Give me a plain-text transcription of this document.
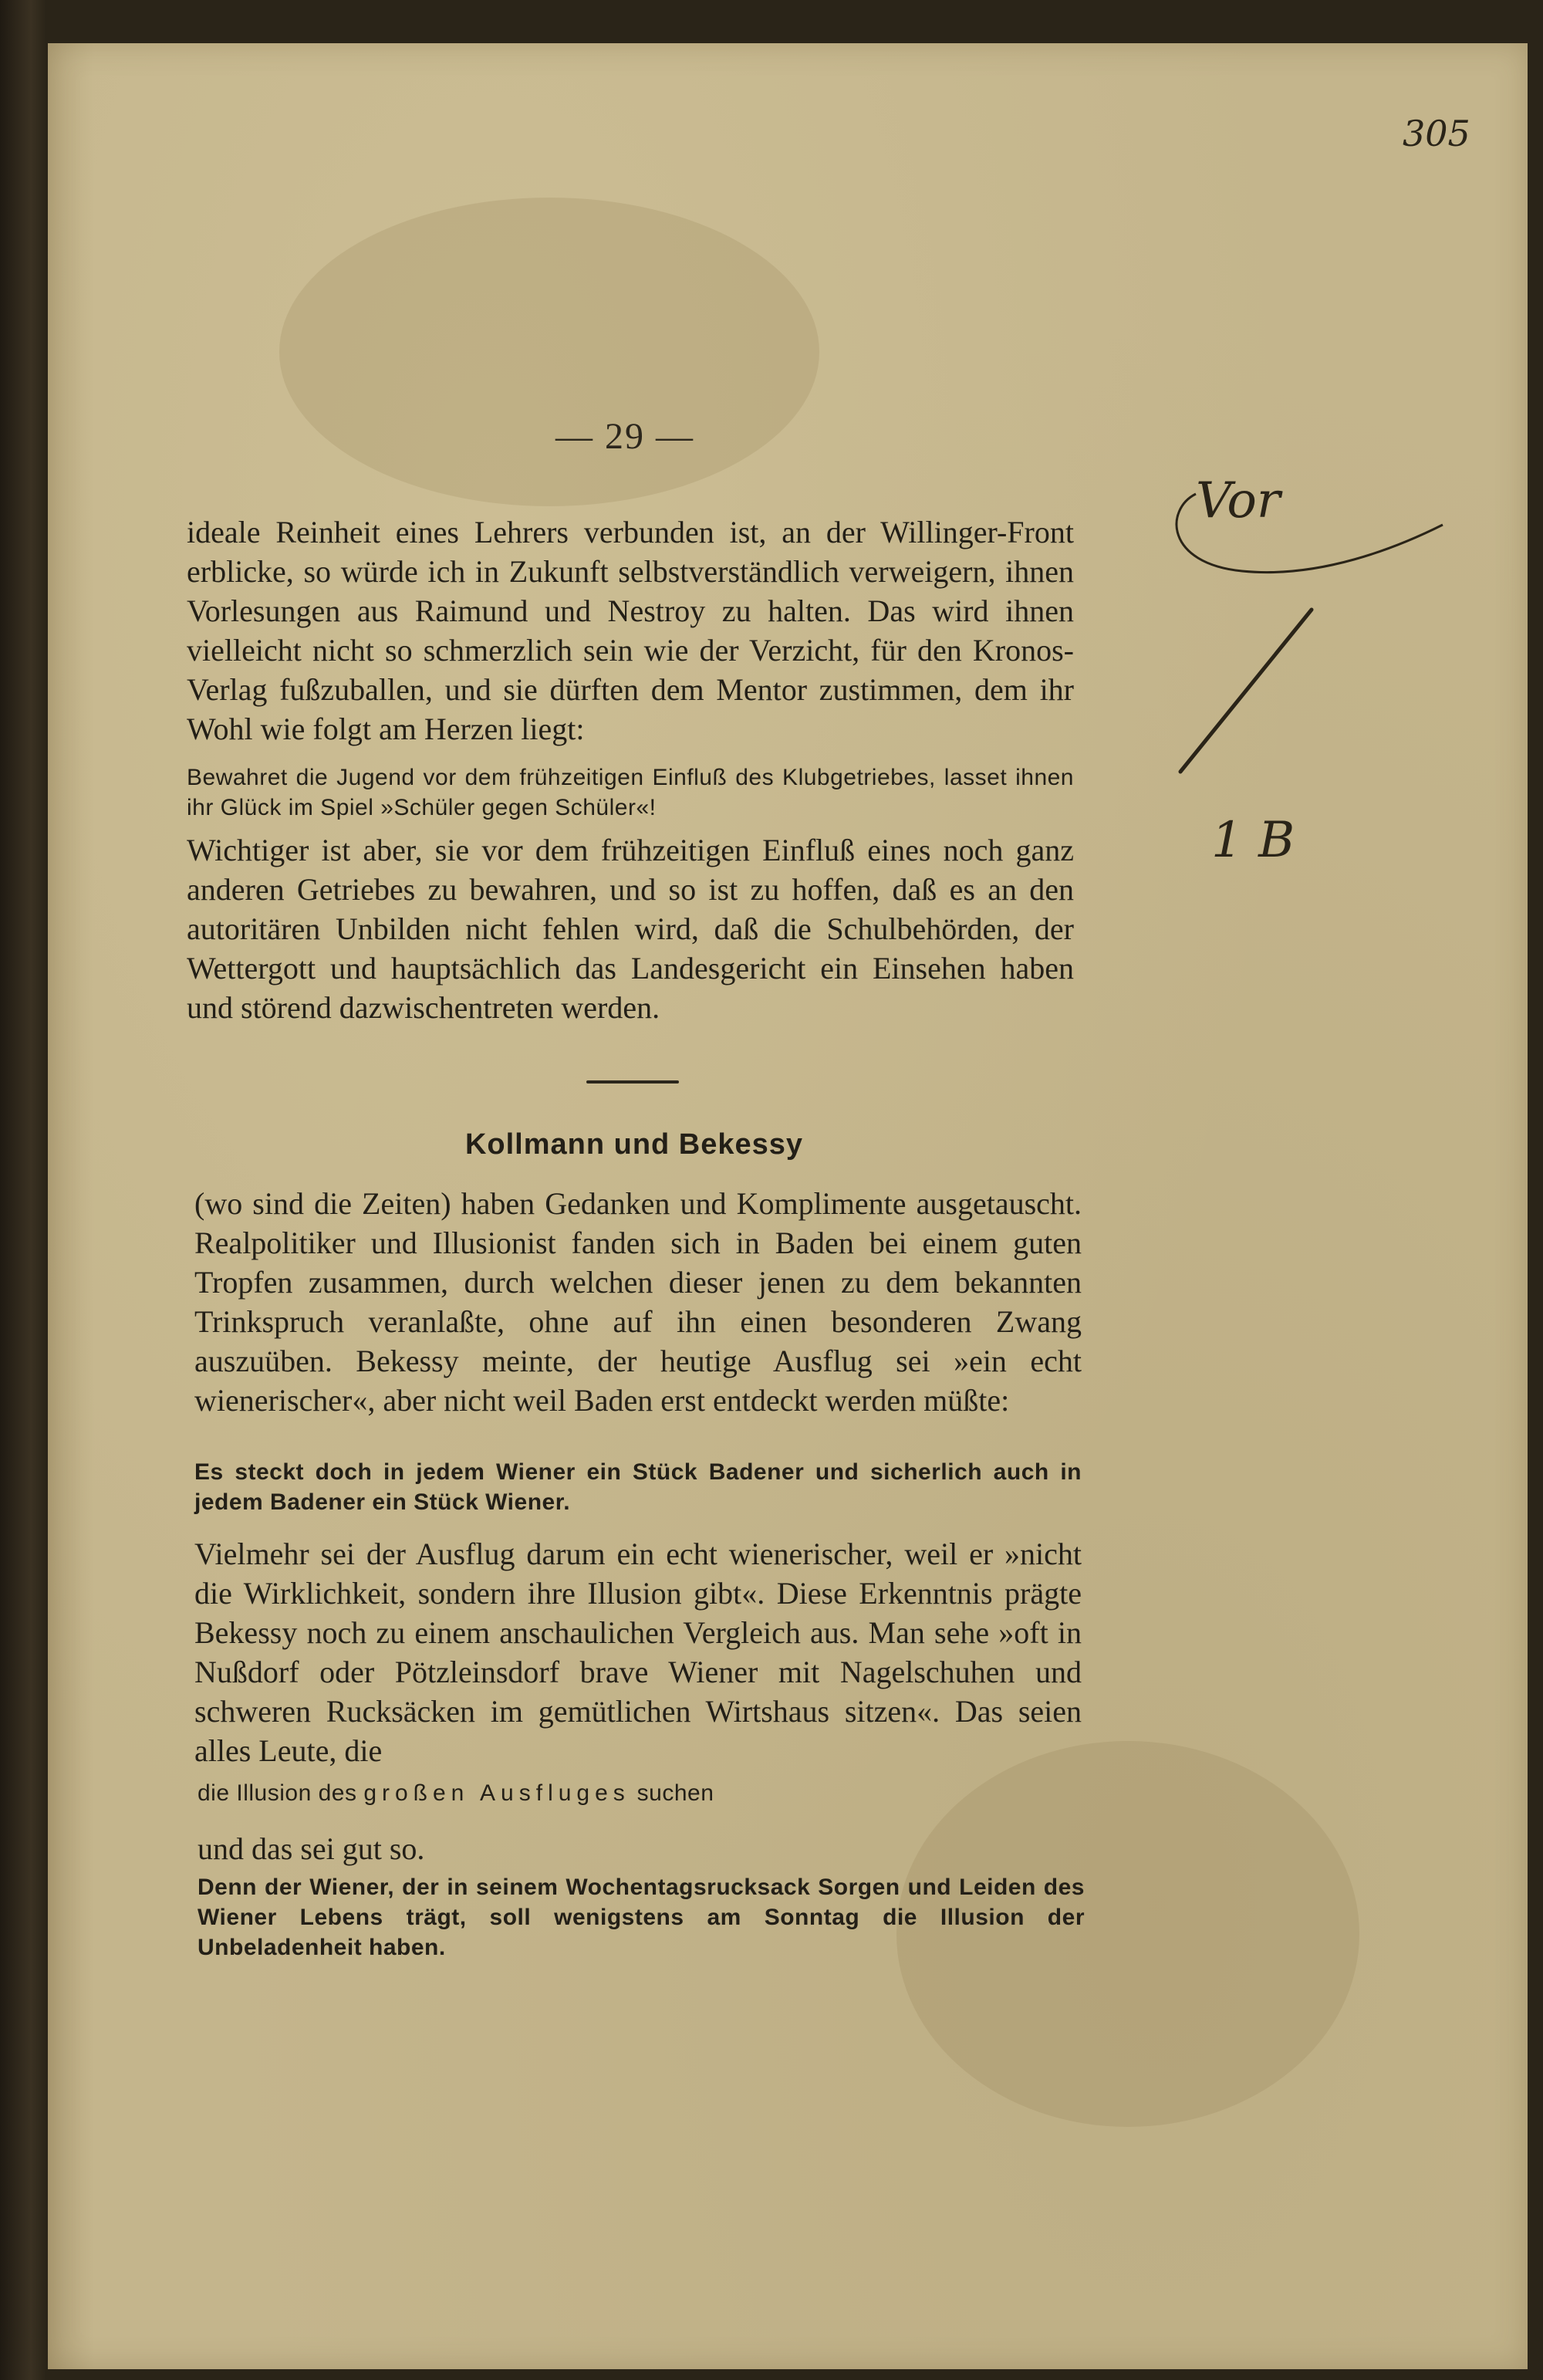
305
— 29 —
ideale Reinheit eines Lehrers verbunden ist, an der Willinger-Front erblicke, so würde ich in Zukunft selbstverständlich verweigern, ihnen Vorlesungen aus Raimund und Nestroy zu halten. Das wird ihnen vielleicht nicht so schmerzlich sein wie der Verzicht, für den Kronos-Verlag fußzuballen, und sie dürften dem Mentor zustimmen, dem ihr Wohl wie folgt am Herzen liegt:
Bewahret die Jugend vor dem frühzeitigen Einfluß des Klubgetriebes, lasset ihnen ihr Glück im Spiel »Schüler gegen Schüler«!
Wichtiger ist aber, sie vor dem frühzeitigen Einfluß eines noch ganz anderen Getriebes zu bewahren, und so ist zu hoffen, daß es an den autoritären Unbilden nicht fehlen wird, daß die Schulbehörden, der Wettergott und hauptsächlich das Landesgericht ein Einsehen haben und störend dazwischentreten werden.
Kollmann und Bekessy
(wo sind die Zeiten) haben Gedanken und Komplimente ausgetauscht. Realpolitiker und Illusionist fanden sich in Baden bei einem guten Tropfen zusammen, durch welchen dieser jenen zu dem bekannten Trinkspruch veranlaßte, ohne auf ihn einen besonderen Zwang auszuüben. Bekessy meinte, der heutige Ausflug sei »ein echt wienerischer«, aber nicht weil Baden erst entdeckt werden müßte:
Es steckt doch in jedem Wiener ein Stück Badener und sicherlich auch in jedem Badener ein Stück Wiener.
Vielmehr sei der Ausflug darum ein echt wienerischer, weil er »nicht die Wirklichkeit, sondern ihre Illusion gibt«. Diese Erkenntnis prägte Bekessy noch zu einem anschaulichen Vergleich aus. Man sehe »oft in Nußdorf oder Pötzleinsdorf brave Wiener mit Nagelschuhen und schweren Rucksäcken im gemütlichen Wirtshaus sitzen«. Das seien alles Leute, die
die Illusion des großen Ausfluges suchen
und das sei gut so.
Denn der Wiener, der in seinem Wochentagsrucksack Sorgen und Leiden des Wiener Lebens trägt, soll wenigstens am Sonntag die Illusion der Unbeladenheit haben.
Vor
1 B
